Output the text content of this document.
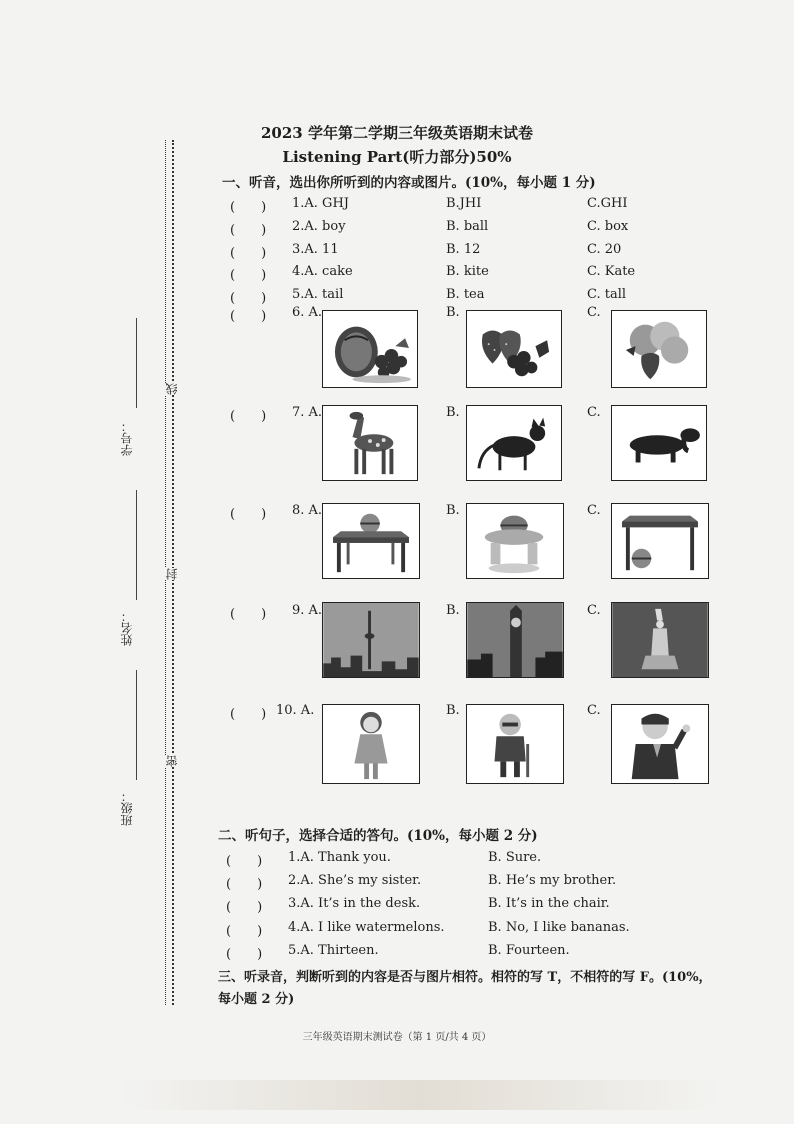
2023 学年第二学期三年级英语期末试卷
Listening Part(听力部分)50%
线
封
密
学号：
姓名：
班级：
一、听音，选出你所听到的内容或图片。(10%，每小题 1 分)
(　　) 1.A. GHJ	B.JHI	C.GHI
(　　) 2.A. boy	B. ball	C. box
(　　) 3.A. 11	B. 12	C. 20
(　　) 4.A. cake	B. kite	C. Kate
(　　) 5.A. tail	B. tea	C. tall
(　　) 6. A.	B.	C.
(　　) 7. A.	B.	C.
(　　) 8. A.	B.	C.
(　　) 9. A.	B.	C.
(　　) 10. A.	B.	C.
二、听句子，选择合适的答句。(10%，每小题 2 分)
(　　) 1.A. Thank you.	B. Sure.
(　　) 2.A. She’s my sister.	B. He’s my brother.
(　　) 3.A. It’s in the desk.	B. It’s in the chair.
(　　) 4.A. I like watermelons.	B. No, I like bananas.
(　　) 5.A. Thirteen.	B. Fourteen.
三、听录音，判断听到的内容是否与图片相符。相符的写 T，不相符的写 F。(10%，
每小题 2 分)
三年级英语期末测试卷（第 1 页/共 4 页）
